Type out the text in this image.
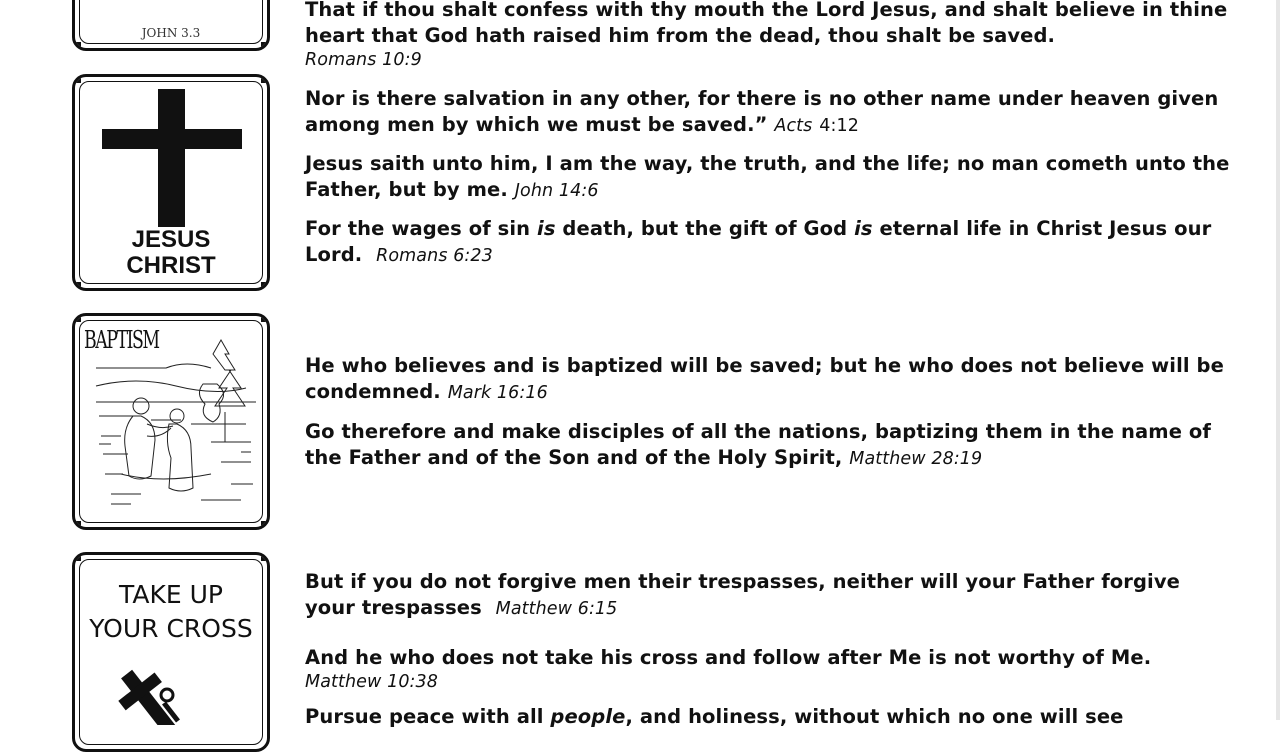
JOHN 3.3
JESUS
CHRIST
BAPTISM
TAKE UP
YOUR CROSS
That if thou shalt confess with thy mouth the Lord Jesus, and shalt believe in thine heart that God hath raised him from the dead, thou shalt be saved.
Romans 10:9
Nor is there salvation in any other, for there is no other name under heaven given among men by which we must be saved.” Acts 4:12
Jesus saith unto him, I am the way, the truth, and the life; no man cometh unto the Father, but by me. John 14:6
For the wages of sin is death, but the gift of God is eternal life in Christ Jesus our Lord. Romans 6:23
He who believes and is baptized will be saved; but he who does not believe will be condemned. Mark 16:16
Go therefore and make disciples of all the nations, baptizing them in the name of the Father and of the Son and of the Holy Spirit, Matthew 28:19
But if you do not forgive men their trespasses, neither will your Father forgive your trespasses Matthew 6:15
And he who does not take his cross and follow after Me is not worthy of Me.
Matthew 10:38
Pursue peace with all people, and holiness, without which no one will see
